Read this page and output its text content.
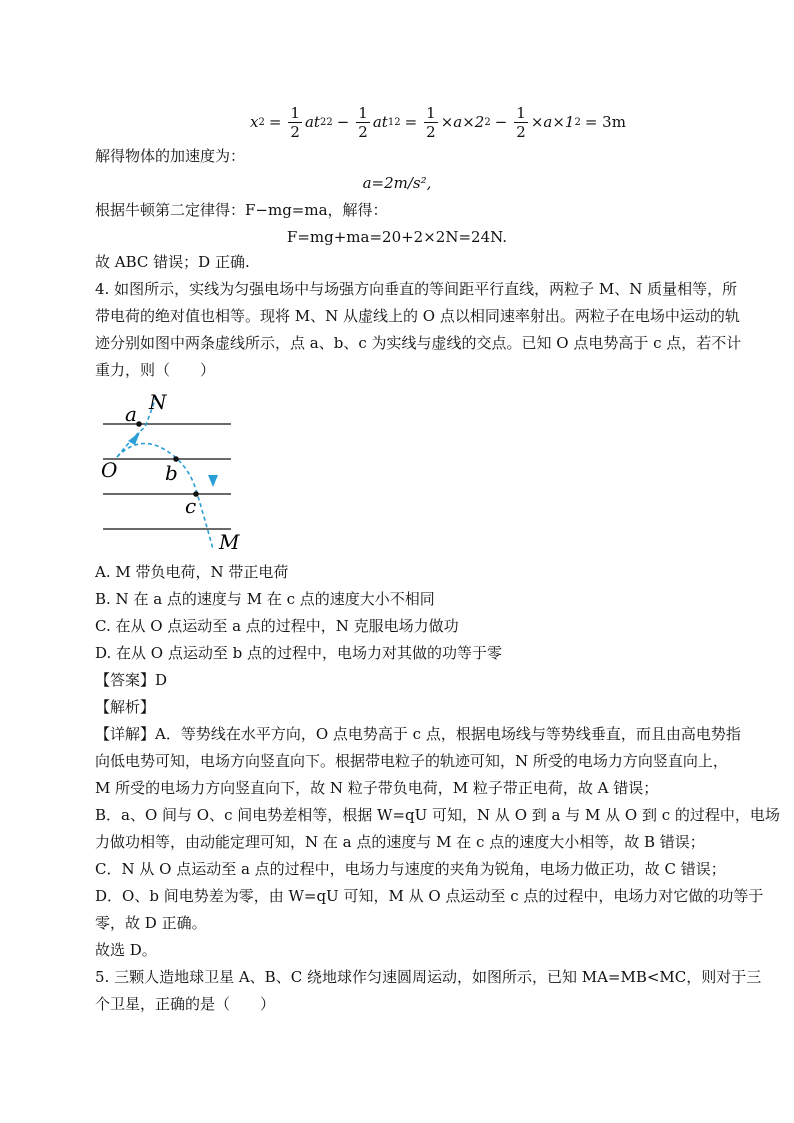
x $2 = \frac{1}{2}$ at 2 $2 - \frac{1}{2}$ at 1 $2 = \frac{1}{2} \times a\times 2$ $2 - \frac{1}{2} \times a\times 1$ 2 = 3m
解得物体的加速度为：
a=2m/s²,
根据牛顿第二定律得：F−mg=ma，解得：
F=mg+ma=20+2×2N=24N.
故 ABC 错误；D 正确.
4. 如图所示，实线为匀强电场中与场强方向垂直的等间距平行直线，两粒子 M、N 质量相等，所
带电荷的绝对值也相等。现将 M、N 从虚线上的 O 点以相同速率射出。两粒子在电场中运动的轨
迹分别如图中两条虚线所示，点 a、b、c 为实线与虚线的交点。已知 O 点电势高于 c 点，若不计
重力，则（　　）
N
a
O b
c
M
A. M 带负电荷，N 带正电荷
B. N 在 a 点的速度与 M 在 c 点的速度大小不相同
C. 在从 O 点运动至 a 点的过程中，N 克服电场力做功
D. 在从 O 点运动至 b 点的过程中，电场力对其做的功等于零
【答案】D
【解析】
【详解】A．等势线在水平方向，O 点电势高于 c 点，根据电场线与等势线垂直，而且由高电势指
向低电势可知，电场方向竖直向下。根据带电粒子的轨迹可知，N 所受的电场力方向竖直向上，
M 所受的电场力方向竖直向下，故 N 粒子带负电荷，M 粒子带正电荷，故 A 错误；
B．a、O 间与 O、c 间电势差相等，根据 W=qU 可知，N 从 O 到 a 与 M 从 O 到 c 的过程中，电场
力做功相等，由动能定理可知，N 在 a 点的速度与 M 在 c 点的速度大小相等，故 B 错误；
C．N 从 O 点运动至 a 点的过程中，电场力与速度的夹角为锐角，电场力做正功，故 C 错误；
D．O、b 间电势差为零，由 W=qU 可知，M 从 O 点运动至 c 点的过程中，电场力对它做的功等于
零，故 D 正确。
故选 D。
5. 三颗人造地球卫星 A、B、C 绕地球作匀速圆周运动，如图所示，已知 MA=MB<MC，则对于三
个卫星，正确的是（　　）
